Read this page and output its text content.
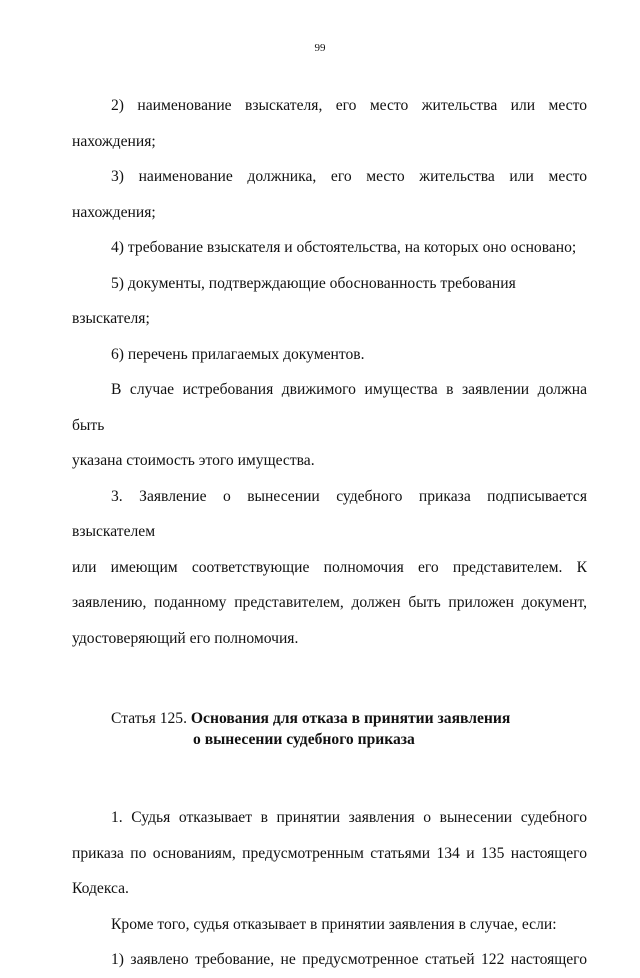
99

2) наименование взыскателя, его место жительства или место

нахождения;

3) наименование должника, его место жительства или место

нахождения;

4) требование взыскателя и обстоятельства, на которых оно основано;

5) документы, подтверждающие обоснованность требования взыскателя;

6) перечень прилагаемых документов.

В случае истребования движимого имущества в заявлении должна быть

указана стоимость этого имущества.

3. Заявление о вынесении судебного приказа подписывается взыскателем

или имеющим соответствующие полномочия его представителем. К

заявлению, поданному представителем, должен быть приложен документ,

удостоверяющий его полномочия.

Статья 125. Основания для отказа в принятии заявления
о вынесении судебного приказа

1. Судья отказывает в принятии заявления о вынесении судебного

приказа по основаниям, предусмотренным статьями 134 и 135 настоящего

Кодекса.

Кроме того, судья отказывает в принятии заявления в случае, если:

1) заявлено требование, не предусмотренное статьей 122 настоящего
